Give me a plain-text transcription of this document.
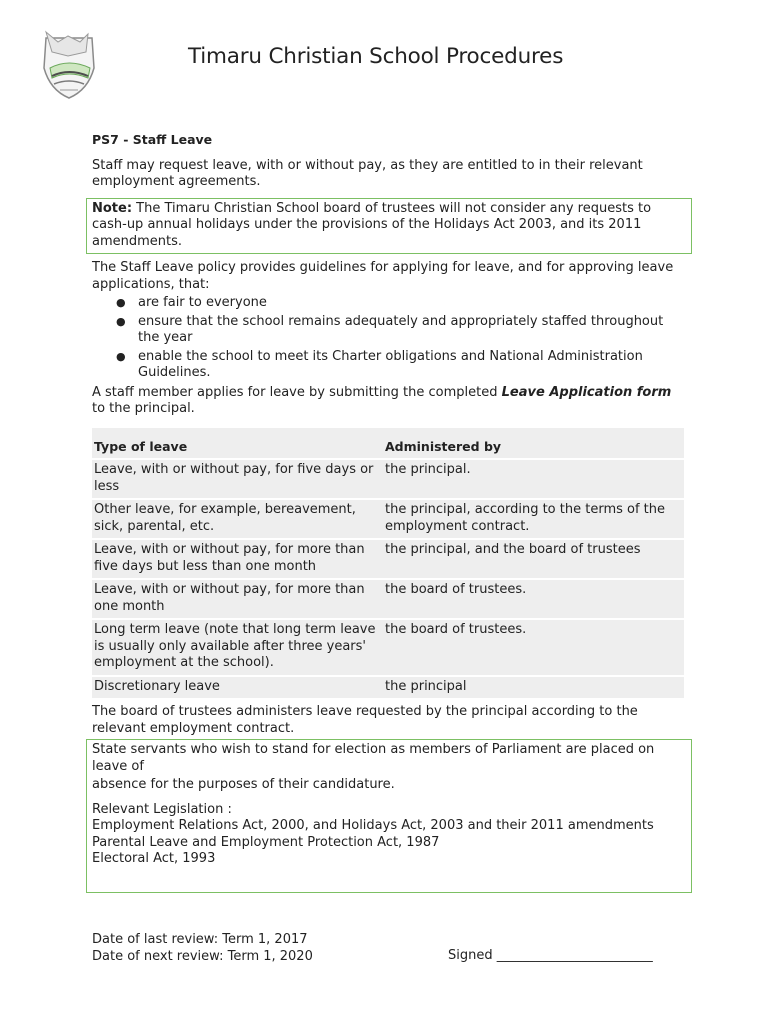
Timaru Christian School Procedures
PS7 - Staff Leave

Staff may request leave, with or without pay, as they are entitled to in their relevant employment agreements.

Note: The Timaru Christian School board of trustees will not consider any requests to cash-up annual holidays under the provisions of the Holidays Act 2003, and its 2011 amendments.

The Staff Leave policy provides guidelines for applying for leave, and for approving leave applications, that:

● are fair to everyone
● ensure that the school remains adequately and appropriately staffed throughout the year
● enable the school to meet its Charter obligations and National Administration Guidelines.

A staff member applies for leave by submitting the completed Leave Application form to the principal.

Type of leave	Administered by
Leave, with or without pay, for five days or less	the principal.
Other leave, for example, bereavement, sick, parental, etc.	the principal, according to the terms of the employment contract.
Leave, with or without pay, for more than five days but less than one month	the principal, and the board of trustees
Leave, with or without pay, for more than one month	the board of trustees.
Long term leave (note that long term leave is usually only available after three years' employment at the school).	the board of trustees.
Discretionary leave	the principal

The board of trustees administers leave requested by the principal according to the relevant employment contract.

State servants who wish to stand for election as members of Parliament are placed on leave of

absence for the purposes of their candidature.

Relevant Legislation :

Employment Relations Act, 2000, and Holidays Act, 2003 and their 2011 amendments

Parental Leave and Employment Protection Act, 1987

Electoral Act, 1993

Date of last review: Term 1, 2017
Date of next review: Term 1, 2020	Signed ________________________
